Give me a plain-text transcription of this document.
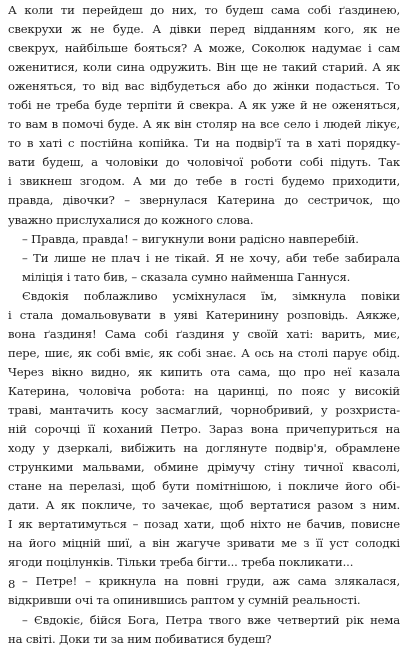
А коли ти перейдеш до них, то будеш сама собі ґаздинею,
свекрухи ж не буде. А дівки перед відданням кого, як не
свекрух, найбільше бояться? А може, Соколюк надумає і сам
оженитися, коли сина одружить. Він ще не такий старий. А як
оженяться, то від вас відбудеться або до жінки подасться. То
тобі не треба буде терпіти й свекра. А як уже й не оженяться,
то вам в помочі буде. А як він столяр на все село і людей лікує,
то в хаті с постійна копійка. Ти на подвір'ї та в хаті порядку-
вати будеш, а чоловіки до чоловічої роботи собі підуть. Так
і звикнеш згодом. А ми до тебе в гості будемо приходити,
правда, дівочки? – звернулася Катерина до сестричок, що
уважно прислухалися до кожного слова.
– Правда, правда! – вигукнули вони радісно навперебій.
– Ти лише не плач і не тікай. Я не хочу, аби тебе забирала
міліція і тато бив, – сказала сумно найменша Ганнуся.
Євдокія поблажливо усміхнулася їм, зімкнула повіки
і стала домальовувати в уяві Катеринину розповідь. Аякже,
вона ґаздиня! Сама собі ґаздиня у своїй хаті: варить, миє,
пере, шиє, як собі вміє, як собі знає. А ось на столі парує обід.
Через вікно видно, як кипить ота сама, що про неї казала
Катерина, чоловіча робота: на царинці, по пояс у високій
траві, мантачить косу засмаглий, чорнобривий, у розхриста-
ній сорочці її коханий Петро. Зараз вона причепуриться на
ходу у дзеркалі, вибіжить на доглянуте подвір'я, обрамлене
стрункими мальвами, обмине дрімучу стіну тичної квасолі,
стане на перелазі, щоб бути помітнішою, і покличе його обі-
дати. А як покличе, то зачекає, щоб вертатися разом з ним.
І як вертатимуться – позад хати, щоб ніхто не бачив, повисне
на його міцній шиї, а він жагуче зривати ме з її уст солодкі
ягоди поцілунків. Тільки треба бігти... треба покликати...
– Петре! – крикнула на повні груди, аж сама злякалася,
відкривши очі та опинившись раптом у сумній реальності.
– Євдокіє, бійся Бога, Петра твого вже четвертий рік нема
на світі. Доки ти за ним побиватися будеш?
8
